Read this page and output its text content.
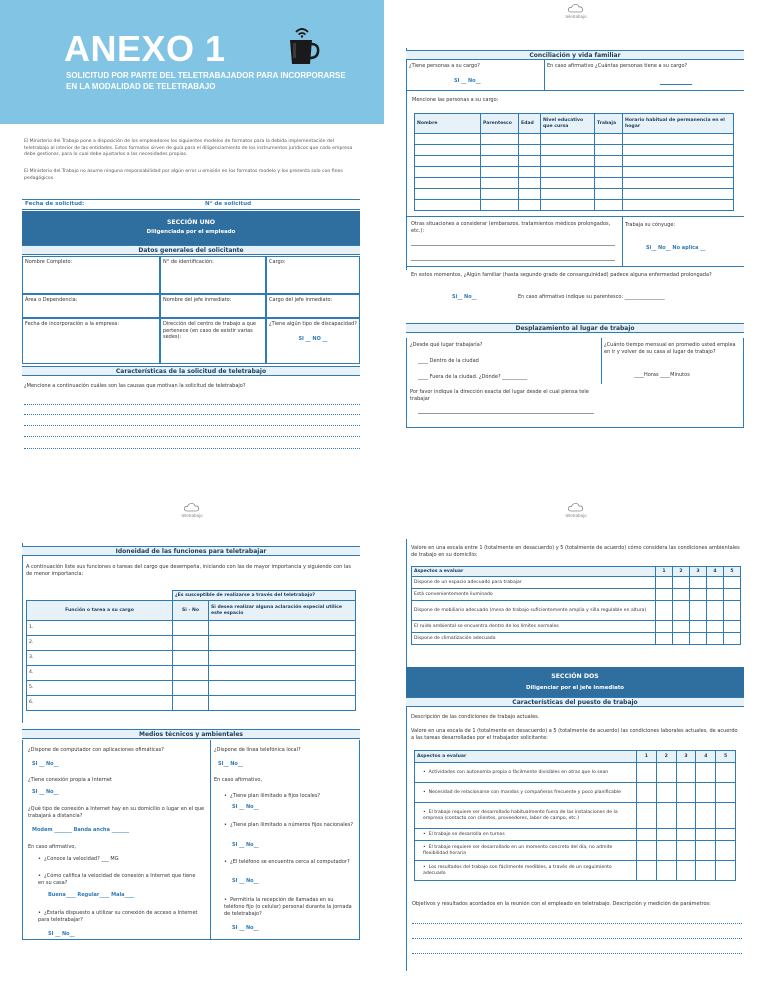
ANEXO 1
SOLICITUD POR PARTE DEL TELETRABAJADOR PARA INCORPORARSE EN LA MODALIDAD DE TELETRABAJO
El Ministerio del Trabajo pone a disposición de los empleadores los siguientes modelos de formatos para la debida implementación del teletrabajo al interior de las entidades. Estos formatos sirven de guía para el diligenciamiento de los instrumentos jurídicos que cada empresa debe gestionar, para lo cual debe ajustarlos a las necesidades propias.
El Ministerio del Trabajo no asume ninguna responsabilidad por algún error u omisión en los formatos modelo y los presenta solo con fines pedagógicos.
Fecha de solicitud:	N° de solicitud
SECCIÓN UNO
Diligenciada por el empleado
Datos generales del solicitante
Nombre Completo:	N° de identificación:	Cargo:
Área o Dependencia:	Nombre del jefe inmediato:	Cargo del jefe inmediato:
Fecha de incorporación a la empresa:	Dirección del centro de trabajo a que pertenece (en caso de existir varias sedes):
¿Tiene algún tipo de discapacidad?
SI __ NO __
Características de la solicitud de teletrabajo
¿Mencione a continuación cuáles son las causas que motivan la solicitud de teletrabajo?
teletrabajo
Conciliación y vida familiar
¿Tiene personas a su cargo?	En caso afirmativo ¿Cuántas personas tiene a su cargo?
SI __ No__
Mencione las personas a su cargo:
Nombre	Parentesco	Edad	Nivel educativo que cursa	Trabaja	Horario habitual de permanencia en el hogar

Otras situaciones a considerar (embarazos, tratamientos médicos prolongados, etc.):
Trabaja su cónyuge:
Si__ No__ No aplica __
En estos momentos, ¿Algún familiar (hasta segundo grado de consanguinidad) padece alguna enfermedad prolongada?
Si__ No__	En caso afirmativo indique su parentesco: ________________
Desplazamiento al lugar de trabajo
¿Desde qué lugar trabajaría?
____ Dentro de la ciudad
____ Fuera de la ciudad. ¿Dónde? __________
¿Cuánto tiempo mensual en promedio usted emplea en ir y volver de su casa al lugar de trabajo?
____Horas ____Minutos
Por favor indique la dirección exacta del lugar desde el cual piensa tele trabajar
teletrabajo
Idoneidad de las funciones para teletrabajar
A continuación liste sus funciones o tareas del cargo que desempeña, iniciando con las de mayor importancia y siguiendo con las de menor importancia:
	¿Es susceptible de realizarse a través del teletrabajo?	
Función o tarea a su cargo	Si - No	Si desea realizar alguna aclaración especial utilice este espacio
1.		
2.		
3.		
4.		
5.		
6.		
Medios técnicos y ambientales
¿Dispone de computador con aplicaciones ofimáticas?
SI __ No__
¿Tiene conexión propia a Internet
SI __ No__
¿Qué tipo de conexión a Internet hay en su domicilio o lugar en el que trabajará a distancia?
Modem _______ Banda ancha _______
En caso afirmativo,
•  ¿Conoce la velocidad? ___ MG
•  ¿Cómo califica la velocidad de conexión a Internet que tiene en su casa?
Buena____ Regular____ Mala____
•  ¿Estaría dispuesto a utilizar su conexión de acceso a Internet para teletrabajar?
SI __ No__
¿Dispone de línea telefónica local?
SI__ No__
En caso afirmativo,
•  ¿Tiene plan ilimitado a fijos locales?
SI __ No__
•  ¿Tiene plan ilimitado a números fijos nacionales?
SI __ No__
•  ¿El teléfono se encuentra cerca al computador?
SI __ No__
•  Permitiría la recepción de llamadas en su teléfono fijo (o celular) personal durante la jornada de teletrabajo?
SI __ No__
teletrabajo
Valore en una escala entre 1 (totalmente en desacuerdo) y 5 (totalmente de acuerdo) cómo considera las condiciones ambientales de trabajo en su domicilio:
Aspectos a evaluar	1	2	3	4	5
Dispone de un espacio adecuado para trabajar					
Está convenientemente iluminado					
Dispone de mobiliario adecuado (mesa de trabajo suficientemente amplia y silla regulable en altura)					
El ruido ambiental se encuentra dentro de los límites normales					
Dispone de climatización adecuada					
SECCIÓN DOS
Diligenciar por el jefe inmediato
Características del puesto de trabajo
Descripción de las condiciones de trabajo actuales.
Valore en una escala de 1 (totalmente en desacuerdo) a 5 (totalmente de acuerdo) las condiciones laborales actuales, de acuerdo a las tareas desarrolladas por el trabajador solicitante:
Aspectos a evaluar	1	2	3	4	5
•  Actividades con autonomía propia o fácilmente divisibles en otras que lo sean					
•  Necesidad de relacionarse con mandos y compañeros frecuente y poco planificable					
•  El trabajo requiere ser desarrollado habitualmente fuera de las instalaciones de la empresa (contacto con clientes, proveedores, labor de campo, etc.)					
•  El trabajo se desarrolla en turnos					
•  El trabajo requiere ser desarrollado en un momento concreto del día, no admite flexibilidad horaria					
•  Los resultados del trabajo son fácilmente medibles, a través de un seguimiento adecuado					
Objetivos y resultados acordados en la reunión con el empleado en teletrabajo. Descripción y medición de parámetros:
